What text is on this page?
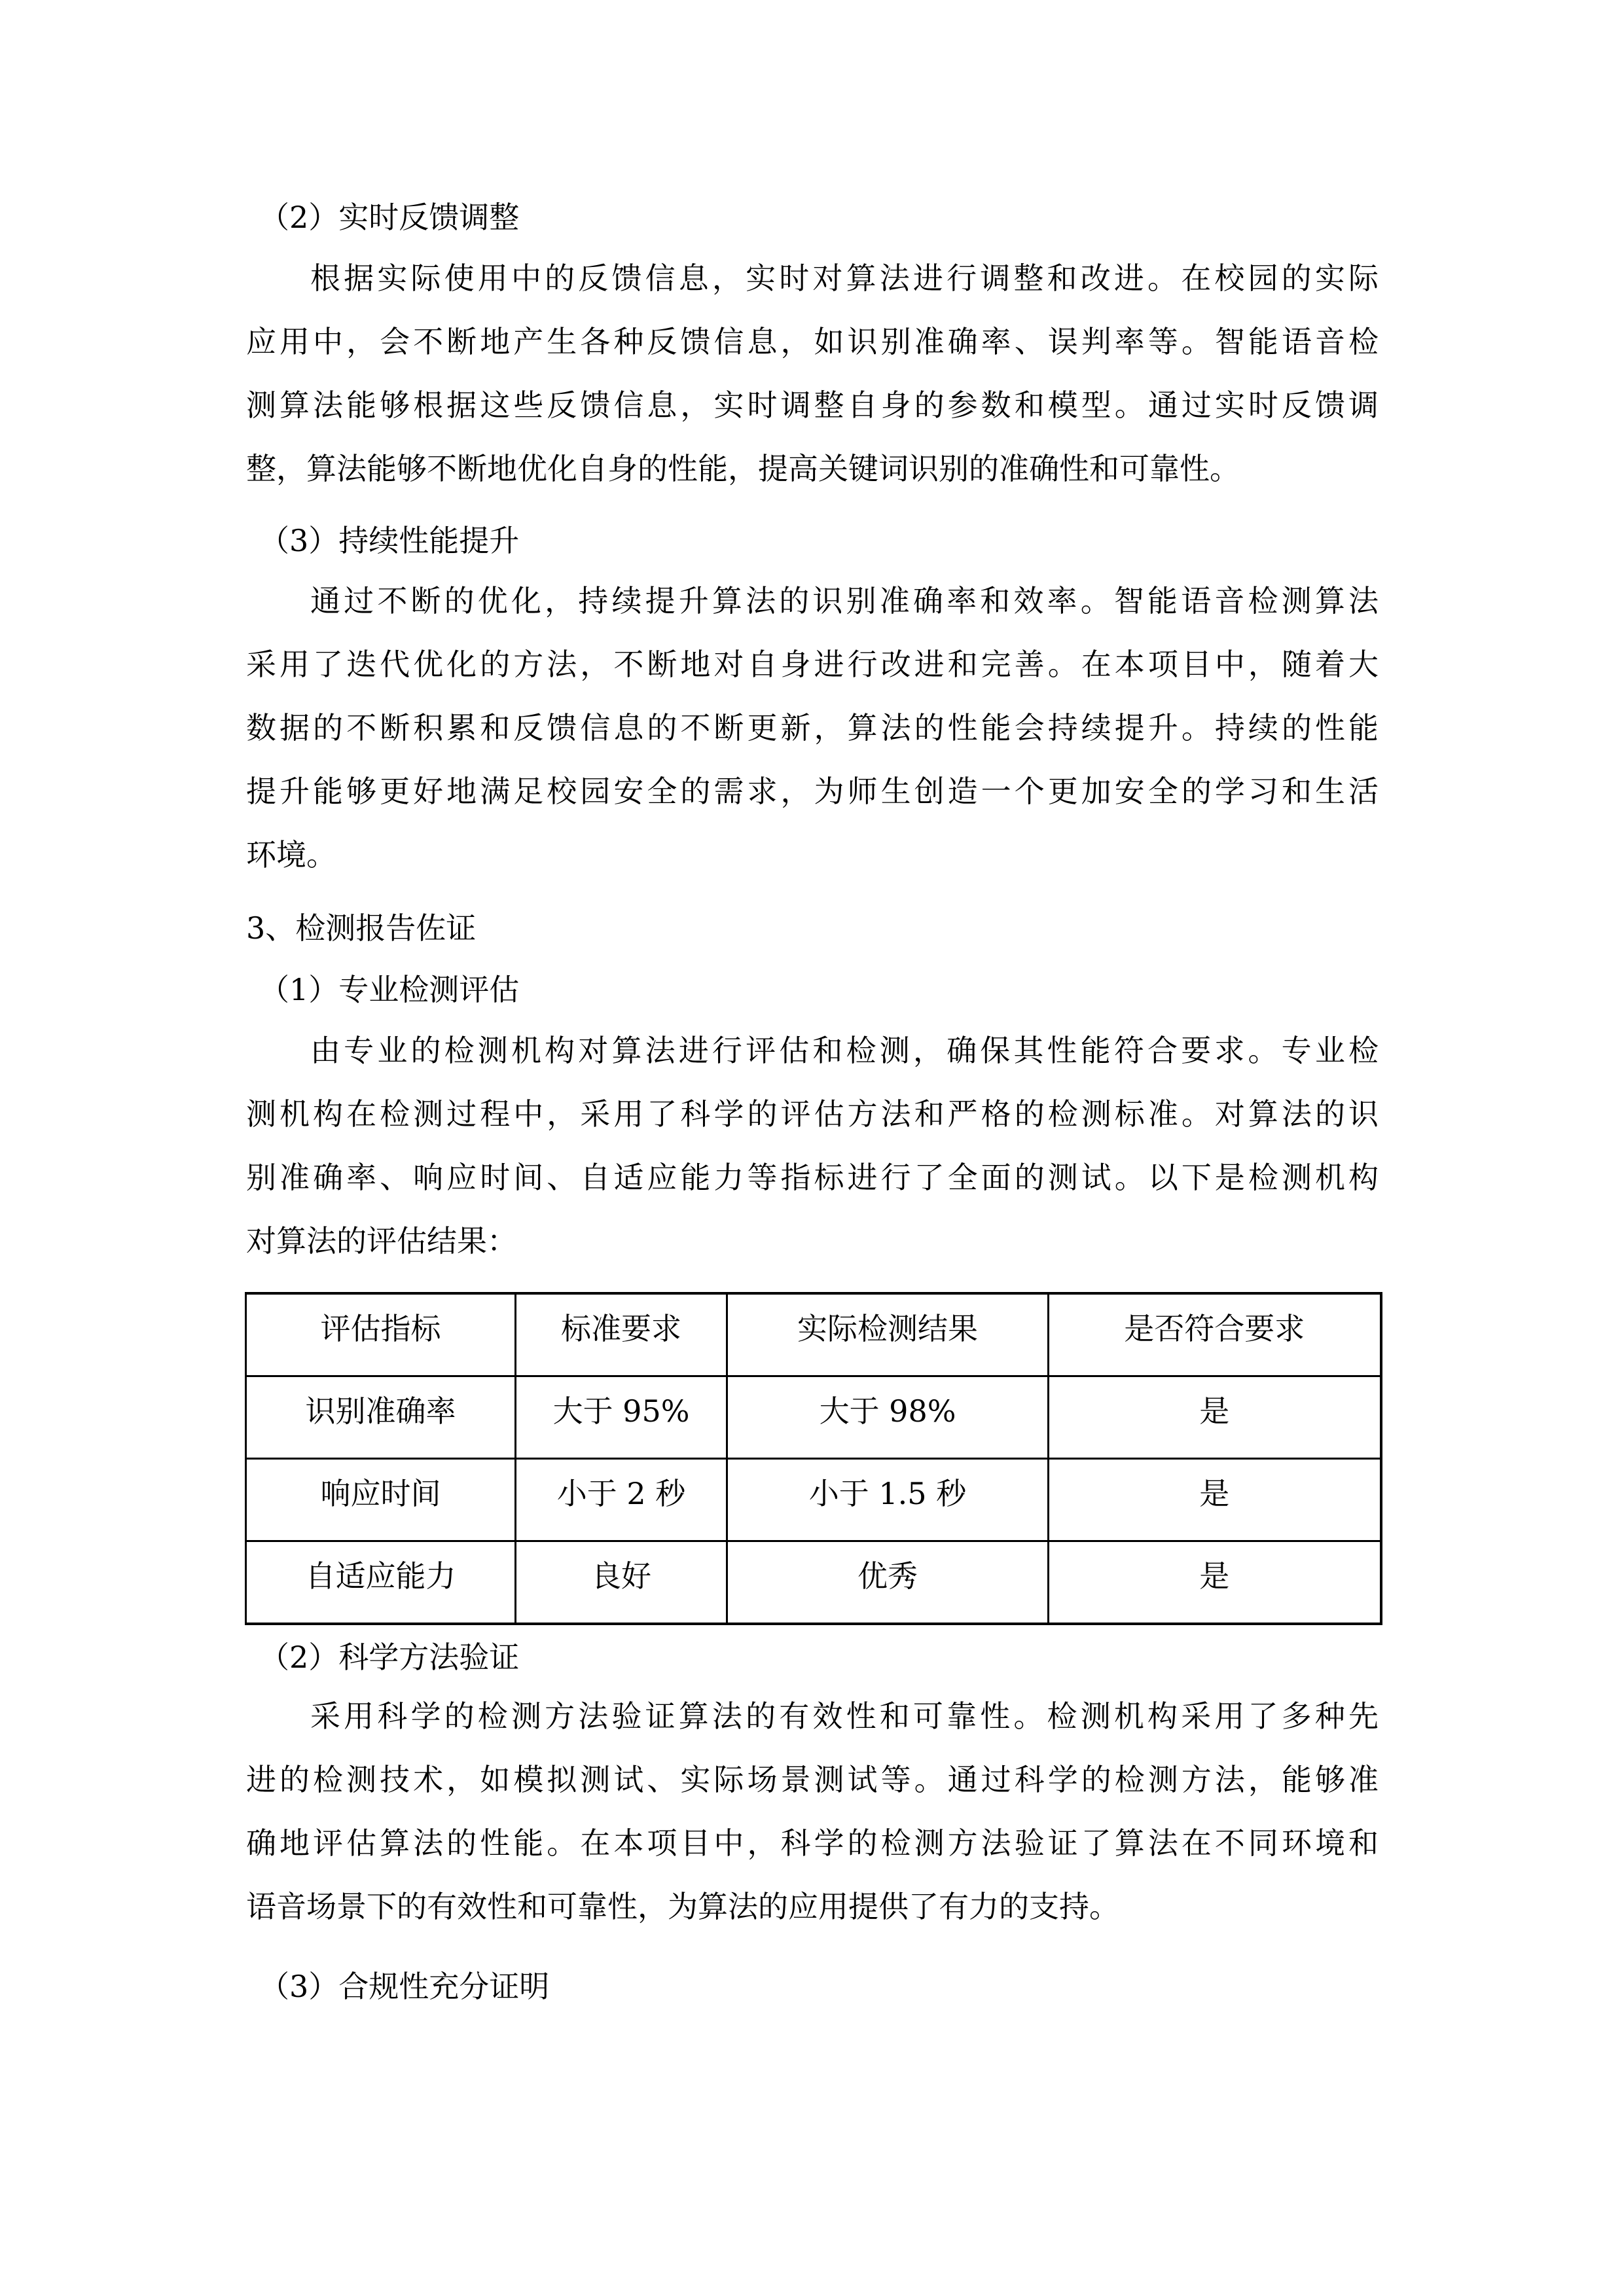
（2）实时反馈调整
根据实际使用中的反馈信息，实时对算法进行调整和改进。在校园的实际
应用中，会不断地产生各种反馈信息，如识别准确率、误判率等。智能语音检
测算法能够根据这些反馈信息，实时调整自身的参数和模型。通过实时反馈调
整，算法能够不断地优化自身的性能，提高关键词识别的准确性和可靠性。
（3）持续性能提升
通过不断的优化，持续提升算法的识别准确率和效率。智能语音检测算法
采用了迭代优化的方法，不断地对自身进行改进和完善。在本项目中，随着大
数据的不断积累和反馈信息的不断更新，算法的性能会持续提升。持续的性能
提升能够更好地满足校园安全的需求，为师生创造一个更加安全的学习和生活
环境。
3、检测报告佐证
（1）专业检测评估
由专业的检测机构对算法进行评估和检测，确保其性能符合要求。专业检
测机构在检测过程中，采用了科学的评估方法和严格的检测标准。对算法的识
别准确率、响应时间、自适应能力等指标进行了全面的测试。以下是检测机构
对算法的评估结果：
评估指标	标准要求	实际检测结果	是否符合要求
识别准确率	大于 95%	大于 98%	是
响应时间	小于 2 秒	小于 1.5 秒	是
自适应能力	良好	优秀	是
（2）科学方法验证
采用科学的检测方法验证算法的有效性和可靠性。检测机构采用了多种先
进的检测技术，如模拟测试、实际场景测试等。通过科学的检测方法，能够准
确地评估算法的性能。在本项目中，科学的检测方法验证了算法在不同环境和
语音场景下的有效性和可靠性，为算法的应用提供了有力的支持。
（3）合规性充分证明
